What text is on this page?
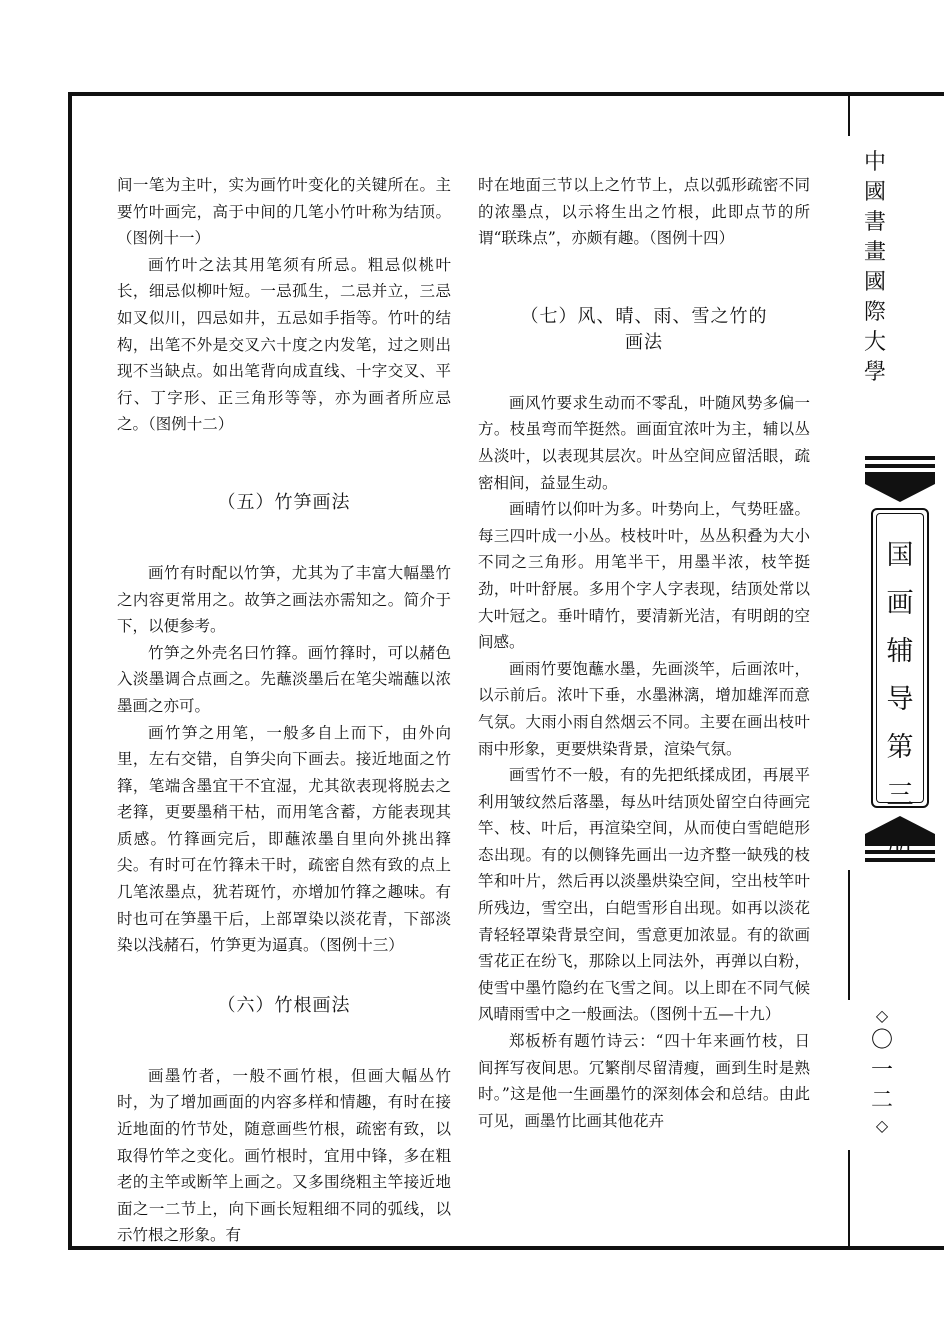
间一笔为主叶，实为画竹叶变化的关键所在。主要竹叶画完，高于中间的几笔小竹叶称为结顶。（图例十一）

画竹叶之法其用笔须有所忌。粗忌似桃叶长，细忌似柳叶短。一忌孤生，二忌并立，三忌如叉似川，四忌如井，五忌如手指等。竹叶的结构，出笔不外是交叉六十度之内发笔，过之则出现不当缺点。如出笔背向成直线、十字交叉、平行、丁字形、正三角形等等，亦为画者所应忌之。（图例十二）

（五）竹笋画法

画竹有时配以竹笋，尤其为了丰富大幅墨竹之内容更常用之。故笋之画法亦需知之。简介于下，以便参考。

竹笋之外壳名曰竹箨。画竹箨时，可以赭色入淡墨调合点画之。先蘸淡墨后在笔尖端蘸以浓墨画之亦可。

画竹笋之用笔，一般多自上而下，由外向里，左右交错，自笋尖向下画去。接近地面之竹箨，笔端含墨宜干不宜湿，尤其欲表现将脱去之老箨，更要墨稍干枯，而用笔含蓄，方能表现其质感。竹箨画完后，即蘸浓墨自里向外挑出箨尖。有时可在竹箨未干时，疏密自然有致的点上几笔浓墨点，犹若斑竹，亦增加竹箨之趣味。有时也可在笋墨干后，上部罩染以淡花青，下部淡染以浅赭石，竹笋更为逼真。（图例十三）

（六）竹根画法

画墨竹者，一般不画竹根，但画大幅丛竹时，为了增加画面的内容多样和情趣，有时在接近地面的竹节处，随意画些竹根，疏密有致，以取得竹竿之变化。画竹根时，宜用中锋，多在粗老的主竿或断竿上画之。又多围绕粗主竿接近地面之一二节上，向下画长短粗细不同的弧线，以示竹根之形象。有

时在地面三节以上之竹节上，点以弧形疏密不同的浓墨点，以示将生出之竹根，此即点节的所谓“联珠点”，亦颇有趣。（图例十四）

（七）风、晴、雨、雪之竹的
画法

画风竹要求生动而不零乱，叶随风势多偏一方。枝虽弯而竿挺然。画面宜浓叶为主，辅以丛丛淡叶，以表现其层次。叶丛空间应留活眼，疏密相间，益显生动。

画晴竹以仰叶为多。叶势向上，气势旺盛。每三四叶成一小丛。枝枝叶叶，丛丛积叠为大小不同之三角形。用笔半干，用墨半浓，枝竿挺劲，叶叶舒展。多用个字人字表现，结顶处常以大叶冠之。垂叶晴竹，要清新光洁，有明朗的空间感。

画雨竹要饱蘸水墨，先画淡竿，后画浓叶，以示前后。浓叶下垂，水墨淋漓，增加雄浑而意气氛。大雨小雨自然烟云不同。主要在画出枝叶雨中形象，更要烘染背景，渲染气氛。

画雪竹不一般，有的先把纸揉成团，再展平利用皱纹然后落墨，每丛叶结顶处留空白待画完竿、枝、叶后，再渲染空间，从而使白雪皑皑形态出现。有的以侧锋先画出一边齐整一缺残的枝竿和叶片，然后再以淡墨烘染空间，空出枝竿叶所残边，雪空出，白皑雪形自出现。如再以淡花青轻轻罩染背景空间，雪意更加浓显。有的欲画雪花正在纷飞，那除以上同法外，再弹以白粉，使雪中墨竹隐约在飞雪之间。以上即在不同气候风晴雨雪中之一般画法。（图例十五—十九）

郑板桥有题竹诗云：“四十年来画竹枝，日间挥写夜间思。冗繁削尽留清瘦，画到生时是熟时。”这是他一生画墨竹的深刻体会和总结。由此可见，画墨竹比画其他花卉

中
國
書
畫
國
際
大
學
国
画
辅
导
第
三
◇
〇
一
二
◇
